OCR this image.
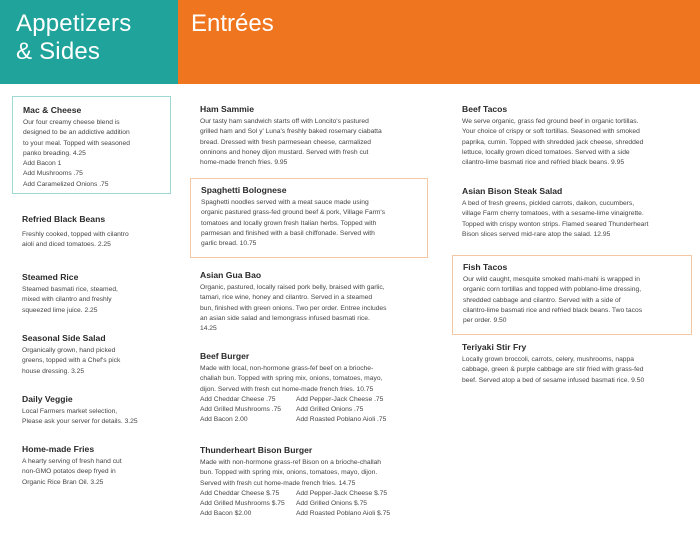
Appetizers
& Sides
Entrées
Mac & Cheese
Our four creamy cheese blend is
designed to be an addictive addition
to your meal. Topped with seasoned
panko breading. 4.25
Add Bacon 1
Add Mushrooms .75
Add Caramelized Onions .75
Refried Black Beans
Freshly cooked, topped with cilantro
aioli and diced tomatoes. 2.25
Steamed Rice
Steamed basmati rice, steamed,
mixed with cilantro and freshly
squeezed lime juice. 2.25
Seasonal Side Salad
Organically grown, hand picked
greens, topped with a Chef's pick
house dressing. 3.25
Daily Veggie
Local Farmers market selection,
Please ask your server for details. 3.25
Home-made Fries
A hearty serving of fresh hand cut
non-GMO potatos deep fryed in
Organic Rice Bran Oil. 3.25
Ham Sammie
Our tasty ham sandwich starts off with Loncito's pastured
grilled ham and Sol y' Luna's freshly baked rosemary ciabatta
bread. Dressed with fresh parmesean cheese, carmalized
onninons and honey dijon mustard. Served with fresh cut
home-made french fries. 9.95
Spaghetti Bolognese
Spaghetti noodles served with a meat sauce made using
organic pastured grass-fed ground beef & pork, Village Farm's
tomatoes and locally grown fresh Italian herbs. Topped with
parmesan and finished with a basil chiffonade. Served with
garlic bread. 10.75
Asian Gua Bao
Organic, pastured, locally raised pork belly, braised with garlic,
tamari, rice wine, honey and cilantro. Served in a steamed
bun, finished with green onions. Two per order. Entree includes
an asian side salad and lemongrass infused basmati rice.
14.25
Beef Burger
Made with local, non-hormone grass-fef beef on a brioche-
challah bun. Topped with spring mix, onions, tomatoes, mayo,
dijon. Served with fresh cut home-made french fries. 10.75
Add Cheddar Cheese .75	Add Pepper-Jack Cheese .75
Add Grilled Mushrooms .75	Add Grilled Onions .75
Add Bacon 2.00	Add Roasted Poblano Aioli .75
Thunderheart Bison Burger
Made with non-hormone grass-ref Bison on a brioche-challah
bun. Topped with spring mix, onions, tomatoes, mayo, dijon.
Served with fresh cut home-made french fries. 14.75
Add Cheddar Cheese $.75	Add Pepper-Jack Cheese $.75
Add Grilled Mushrooms $.75	Add Grilled Onions $.75
Add Bacon $2.00	Add Roasted Poblano Aioli $.75
Beef Tacos
We serve organic, grass fed ground beef in organic tortillas.
Your choice of crispy or soft tortillas. Seasoned with smoked
paprika, cumin. Topped with shredded jack cheese, shredded
lettuce, locally grown diced tomatoes. Served with a side
cilantro-lime basmati rice and refried black beans. 9.95
Asian Bison Steak Salad
A bed of fresh greens, pickled carrots, daikon, cucumbers,
village Farm cherry tomatoes, with a sesame-lime vinaigrette.
Topped with crispy wonton strips. Flamed seared Thunderheart
Bison slices served mid-rare atop the salad. 12.95
Fish Tacos
Our wild caught, mesquite smoked mahi-mahi is wrapped in
organic corn tortillas and topped with poblano-lime dressing,
shredded cabbage and cilantro. Served with a side of
cilantro-lime basmati rice and refried black beans. Two tacos
per order. 9.50
Teriyaki Stir Fry
Locally grown broccoli, carrots, celery, mushrooms, nappa
cabbage, green & purple cabbage are stir fried with grass-fed
beef. Served atop a bed of sesame infused basmati rice. 9.50
